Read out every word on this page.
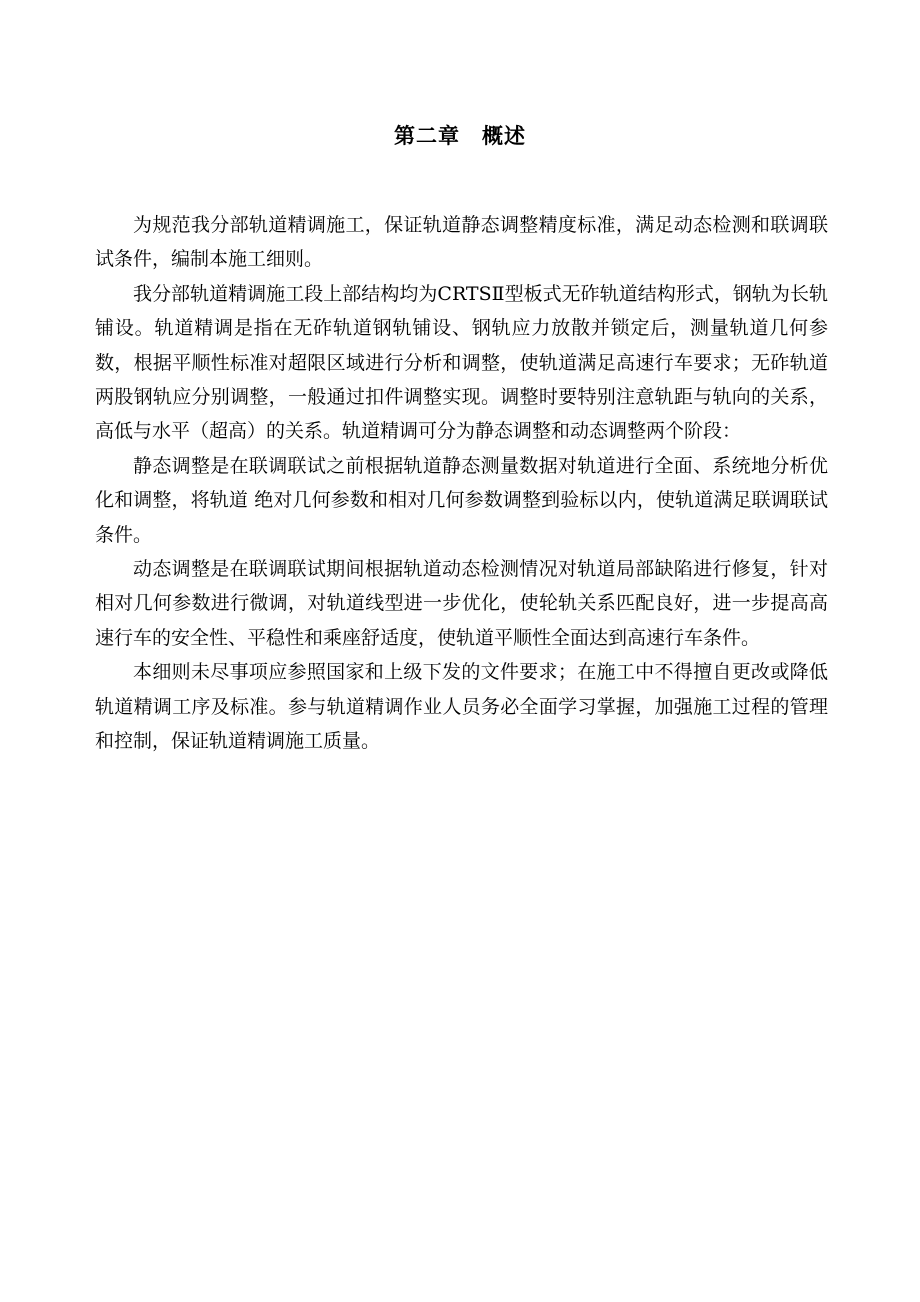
第二章　概述

为规范我分部轨道精调施工，保证轨道静态调整精度标准，满足动态检测和联调联试条件，编制本施工细则。

我分部轨道精调施工段上部结构均为CRTSⅡ型板式无砟轨道结构形式，钢轨为长轨铺设。轨道精调是指在无砟轨道钢轨铺设、钢轨应力放散并锁定后，测量轨道几何参数，根据平顺性标准对超限区域进行分析和调整，使轨道满足高速行车要求；无砟轨道两股钢轨应分别调整，一般通过扣件调整实现。调整时要特别注意轨距与轨向的关系，高低与水平（超高）的关系。轨道精调可分为静态调整和动态调整两个阶段：

静态调整是在联调联试之前根据轨道静态测量数据对轨道进行全面、系统地分析优化和调整，将轨道 绝对几何参数和相对几何参数调整到验标以内，使轨道满足联调联试条件。

动态调整是在联调联试期间根据轨道动态检测情况对轨道局部缺陷进行修复，针对相对几何参数进行微调，对轨道线型进一步优化，使轮轨关系匹配良好，进一步提高高速行车的安全性、平稳性和乘座舒适度，使轨道平顺性全面达到高速行车条件。

本细则未尽事项应参照国家和上级下发的文件要求；在施工中不得擅自更改或降低轨道精调工序及标准。参与轨道精调作业人员务必全面学习掌握，加强施工过程的管理和控制，保证轨道精调施工质量。
